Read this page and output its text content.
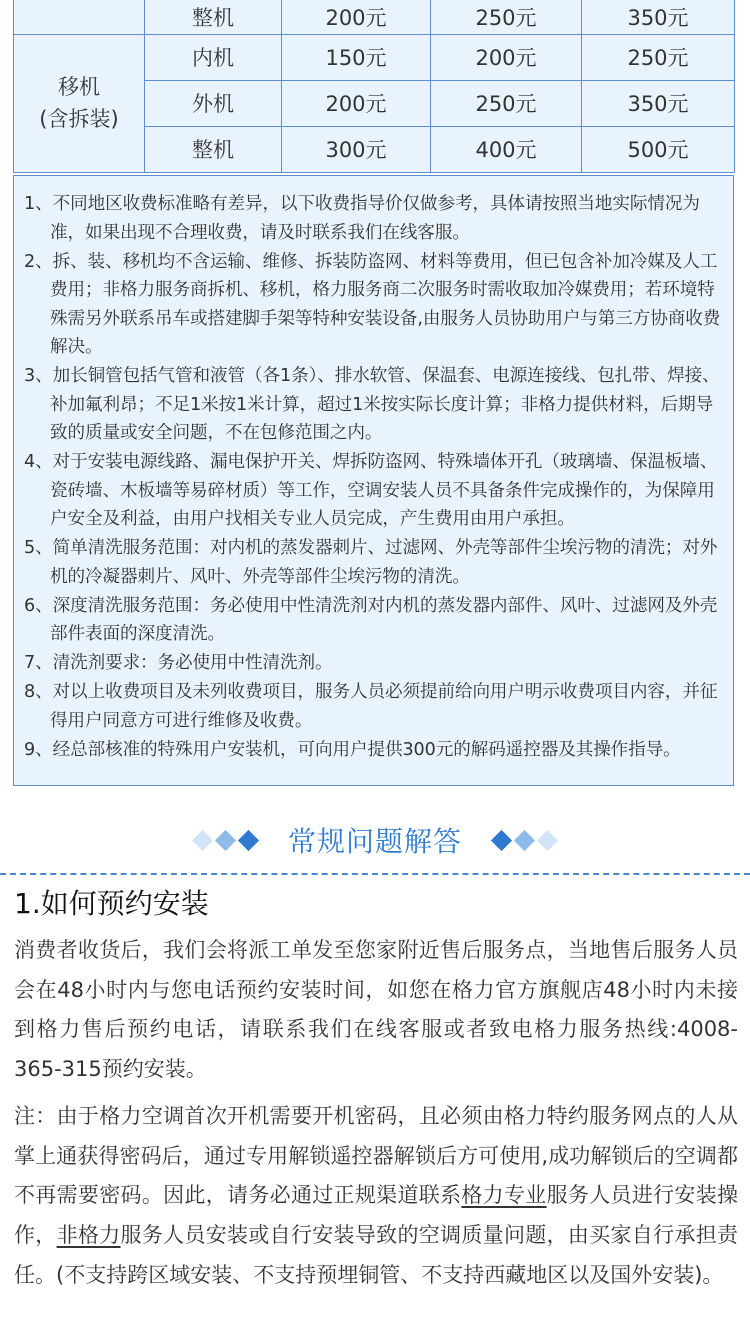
	整机	200元	250元	350元
移机
(含拆装)	内机	150元	200元	250元
	外机	200元	250元	350元
	整机	300元	400元	500元

1、不同地区收费标准略有差异，以下收费指导价仅做参考，具体请按照当地实际情况为准，如果出现不合理收费，请及时联系我们在线客服。

2、拆、装、移机均不含运输、维修、拆装防盗网、材料等费用，但已包含补加冷媒及人工费用；非格力服务商拆机、移机，格力服务商二次服务时需收取加冷媒费用；若环境特殊需另外联系吊车或搭建脚手架等特种安装设备,由服务人员协助用户与第三方协商收费解决。

3、加长铜管包括气管和液管（各1条）、排水软管、保温套、电源连接线、包扎带、焊接、补加氟利昂；不足1米按1米计算，超过1米按实际长度计算；非格力提供材料，后期导致的质量或安全问题，不在包修范围之内。

4、对于安装电源线路、漏电保护开关、焊拆防盗网、特殊墙体开孔（玻璃墙、保温板墙、瓷砖墙、木板墙等易碎材质）等工作，空调安装人员不具备条件完成操作的，为保障用户安全及利益，由用户找相关专业人员完成，产生费用由用户承担。

5、简单清洗服务范围：对内机的蒸发器刺片、过滤网、外壳等部件尘埃污物的清洗；对外机的冷凝器刺片、风叶、外壳等部件尘埃污物的清洗。

6、深度清洗服务范围：务必使用中性清洗剂对内机的蒸发器内部件、风叶、过滤网及外壳部件表面的深度清洗。

7、清洗剂要求：务必使用中性清洗剂。

8、对以上收费项目及未列收费项目，服务人员必须提前给向用户明示收费项目内容，并征得用户同意方可进行维修及收费。

9、经总部核准的特殊用户安装机，可向用户提供300元的解码遥控器及其操作指导。

常规问题解答
1.如何预约安装

消费者收货后，我们会将派工单发至您家附近售后服务点，当地售后服务人员会在48小时内与您电话预约安装时间，如您在格力官方旗舰店48小时内未接到格力售后预约电话，请联系我们在线客服或者致电格力服务热线:4008-365-315预约安装。

注：由于格力空调首次开机需要开机密码，且必须由格力特约服务网点的人从掌上通获得密码后，通过专用解锁遥控器解锁后方可使用,成功解锁后的空调都不再需要密码。因此，请务必通过正规渠道联系格力专业服务人员进行安装操作，非格力服务人员安装或自行安装导致的空调质量问题，由买家自行承担责任。(不支持跨区域安装、不支持预埋铜管、不支持西藏地区以及国外安装)。
